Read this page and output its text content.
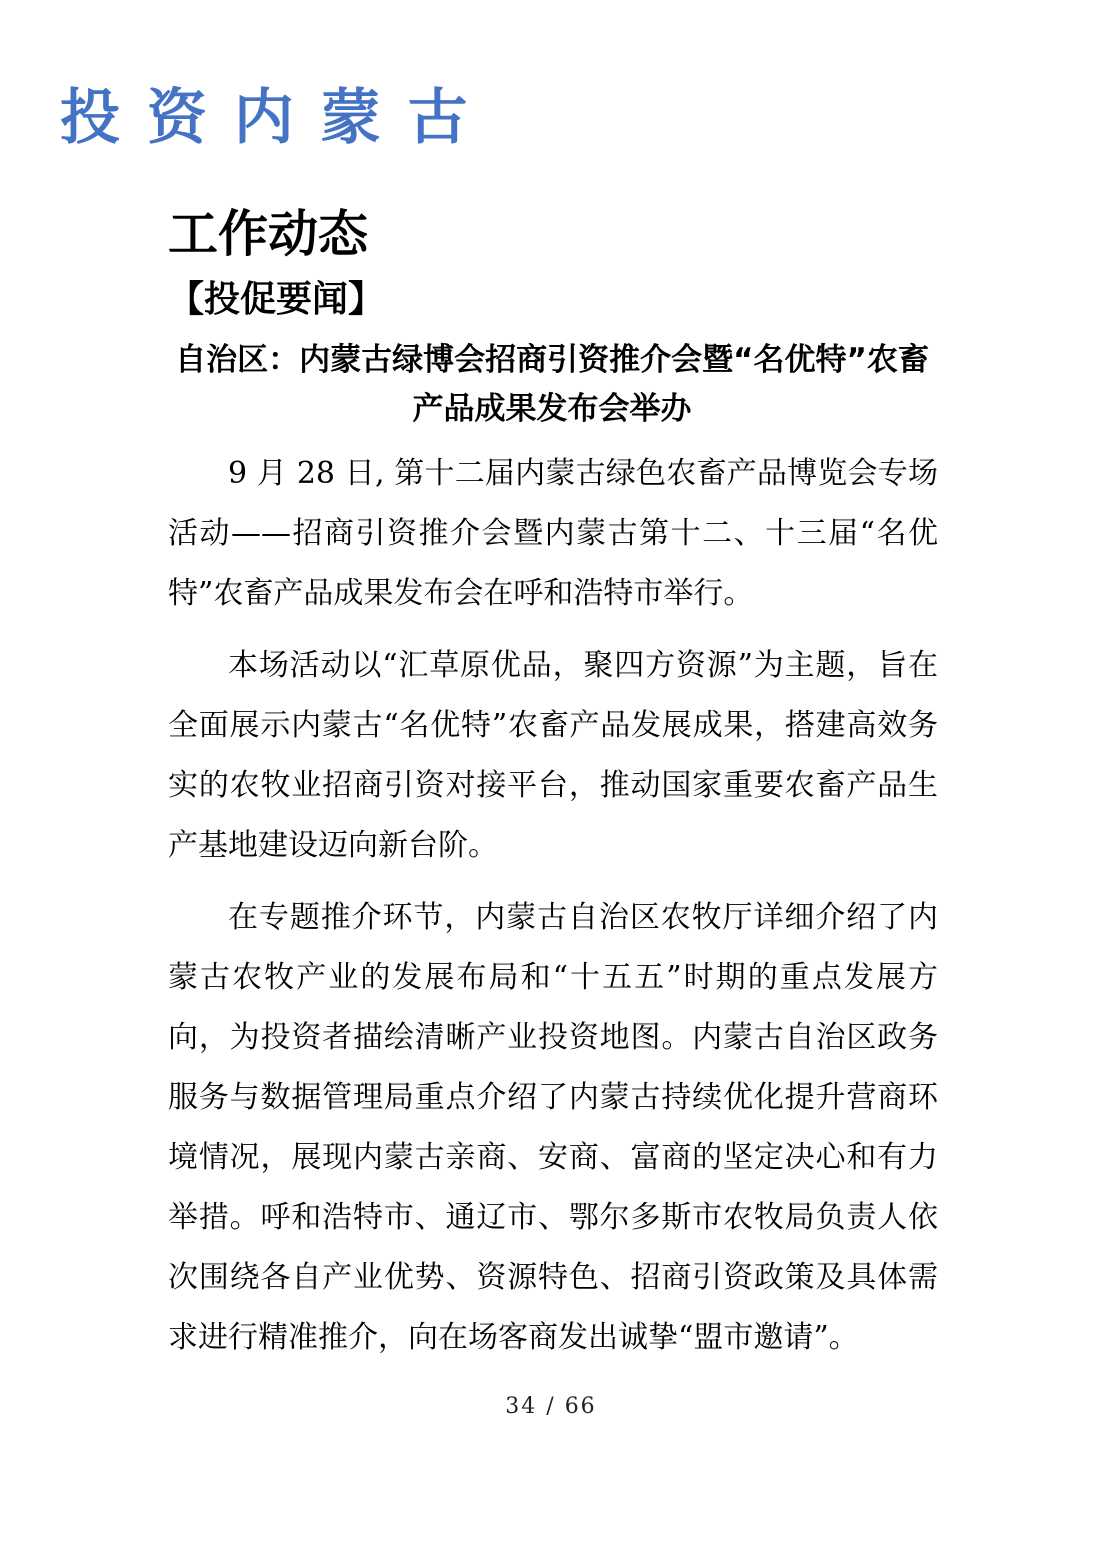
投 资 内 蒙 古
工作动态
【投促要闻】
自治区：内蒙古绿博会招商引资推介会暨“名优特”农畜产品成果发布会举办

9 月 28 日, 第十二届内蒙古绿色农畜产品博览会专场活动——招商引资推介会暨内蒙古第十二、十三届“名优特”农畜产品成果发布会在呼和浩特市举行。

本场活动以“汇草原优品，聚四方资源”为主题，旨在全面展示内蒙古“名优特”农畜产品发展成果，搭建高效务实的农牧业招商引资对接平台，推动国家重要农畜产品生产基地建设迈向新台阶。

在专题推介环节，内蒙古自治区农牧厅详细介绍了内蒙古农牧产业的发展布局和“十五五”时期的重点发展方向，为投资者描绘清晰产业投资地图。内蒙古自治区政务服务与数据管理局重点介绍了内蒙古持续优化提升营商环境情况，展现内蒙古亲商、安商、富商的坚定决心和有力举措。呼和浩特市、通辽市、鄂尔多斯市农牧局负责人依次围绕各自产业优势、资源特色、招商引资政策及具体需求进行精准推介，向在场客商发出诚挚“盟市邀请”。

34 / 66
